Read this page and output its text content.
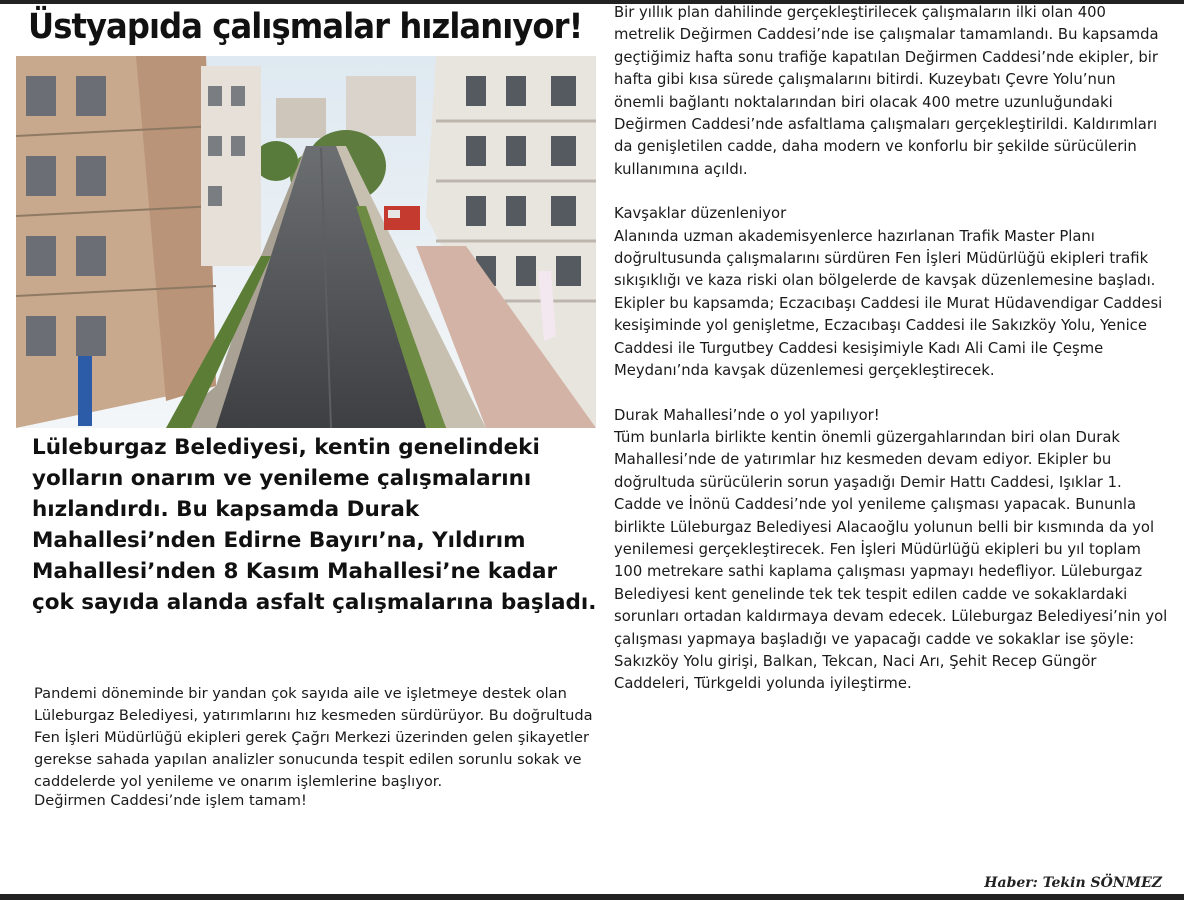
Üstyapıda çalışmalar hızlanıyor!

Lüleburgaz Belediyesi, kentin genelindeki yolların onarım ve yenileme çalışmalarını hızlandırdı. Bu kapsamda Durak Mahallesi’nden Edirne Bayırı’na, Yıldırım Mahallesi’nden 8 Kasım Mahallesi’ne kadar çok sayıda alanda asfalt çalışmalarına başladı.

Pandemi döneminde bir yandan çok sayıda aile ve işletmeye destek olan Lüleburgaz Belediyesi, yatırımlarını hız kesmeden sürdürüyor. Bu doğrultuda Fen İşleri Müdürlüğü ekipleri gerek Çağrı Merkezi üzerinden gelen şikayetler gerekse sahada yapılan analizler sonucunda tespit edilen sorunlu sokak ve caddelerde yol yenileme ve onarım işlemlerine başlıyor.

Değirmen Caddesi’nde işlem tamam!

Bir yıllık plan dahilinde gerçekleştirilecek çalışmaların ilki olan 400 metrelik Değirmen Caddesi’nde ise çalışmalar tamamlandı. Bu kapsamda geçtiğimiz hafta sonu trafiğe kapatılan Değirmen Caddesi’nde ekipler, bir hafta gibi kısa sürede çalışmalarını bitirdi. Kuzeybatı Çevre Yolu’nun önemli bağlantı noktalarından biri olacak 400 metre uzunluğundaki Değirmen Caddesi’nde asfaltlama çalışmaları gerçekleştirildi. Kaldırımları da genişletilen cadde, daha modern ve konforlu bir şekilde sürücülerin kullanımına açıldı.

Kavşaklar düzenleniyor

Alanında uzman akademisyenlerce hazırlanan Trafik Master Planı doğrultusunda çalışmalarını sürdüren Fen İşleri Müdürlüğü ekipleri trafik sıkışıklığı ve kaza riski olan bölgelerde de kavşak düzenlemesine başladı. Ekipler bu kapsamda; Eczacıbaşı Caddesi ile Murat Hüdavendigar Caddesi kesişiminde yol genişletme, Eczacıbaşı Caddesi ile Sakızköy Yolu, Yenice Caddesi ile Turgutbey Caddesi kesişimiyle Kadı Ali Cami ile Çeşme Meydanı’nda kavşak düzenlemesi gerçekleştirecek.

Durak Mahallesi’nde o yol yapılıyor!

Tüm bunlarla birlikte kentin önemli güzergahlarından biri olan Durak Mahallesi’nde de yatırımlar hız kesmeden devam ediyor. Ekipler bu doğrultuda sürücülerin sorun yaşadığı Demir Hattı Caddesi, Işıklar 1. Cadde ve İnönü Caddesi’nde yol yenileme çalışması yapacak. Bununla birlikte Lüleburgaz Belediyesi Alacaoğlu yolunun belli bir kısmında da yol yenilemesi gerçekleştirecek. Fen İşleri Müdürlüğü ekipleri bu yıl toplam 100 metrekare sathi kaplama çalışması yapmayı hedefliyor. Lüleburgaz Belediyesi kent genelinde tek tek tespit edilen cadde ve sokaklardaki sorunları ortadan kaldırmaya devam edecek. Lüleburgaz Belediyesi’nin yol çalışması yapmaya başladığı ve yapacağı cadde ve sokaklar ise şöyle: Sakızköy Yolu girişi, Balkan, Tekcan, Naci Arı, Şehit Recep Güngör Caddeleri, Türkgeldi yolunda iyileştirme.

Haber: Tekin SÖNMEZ
